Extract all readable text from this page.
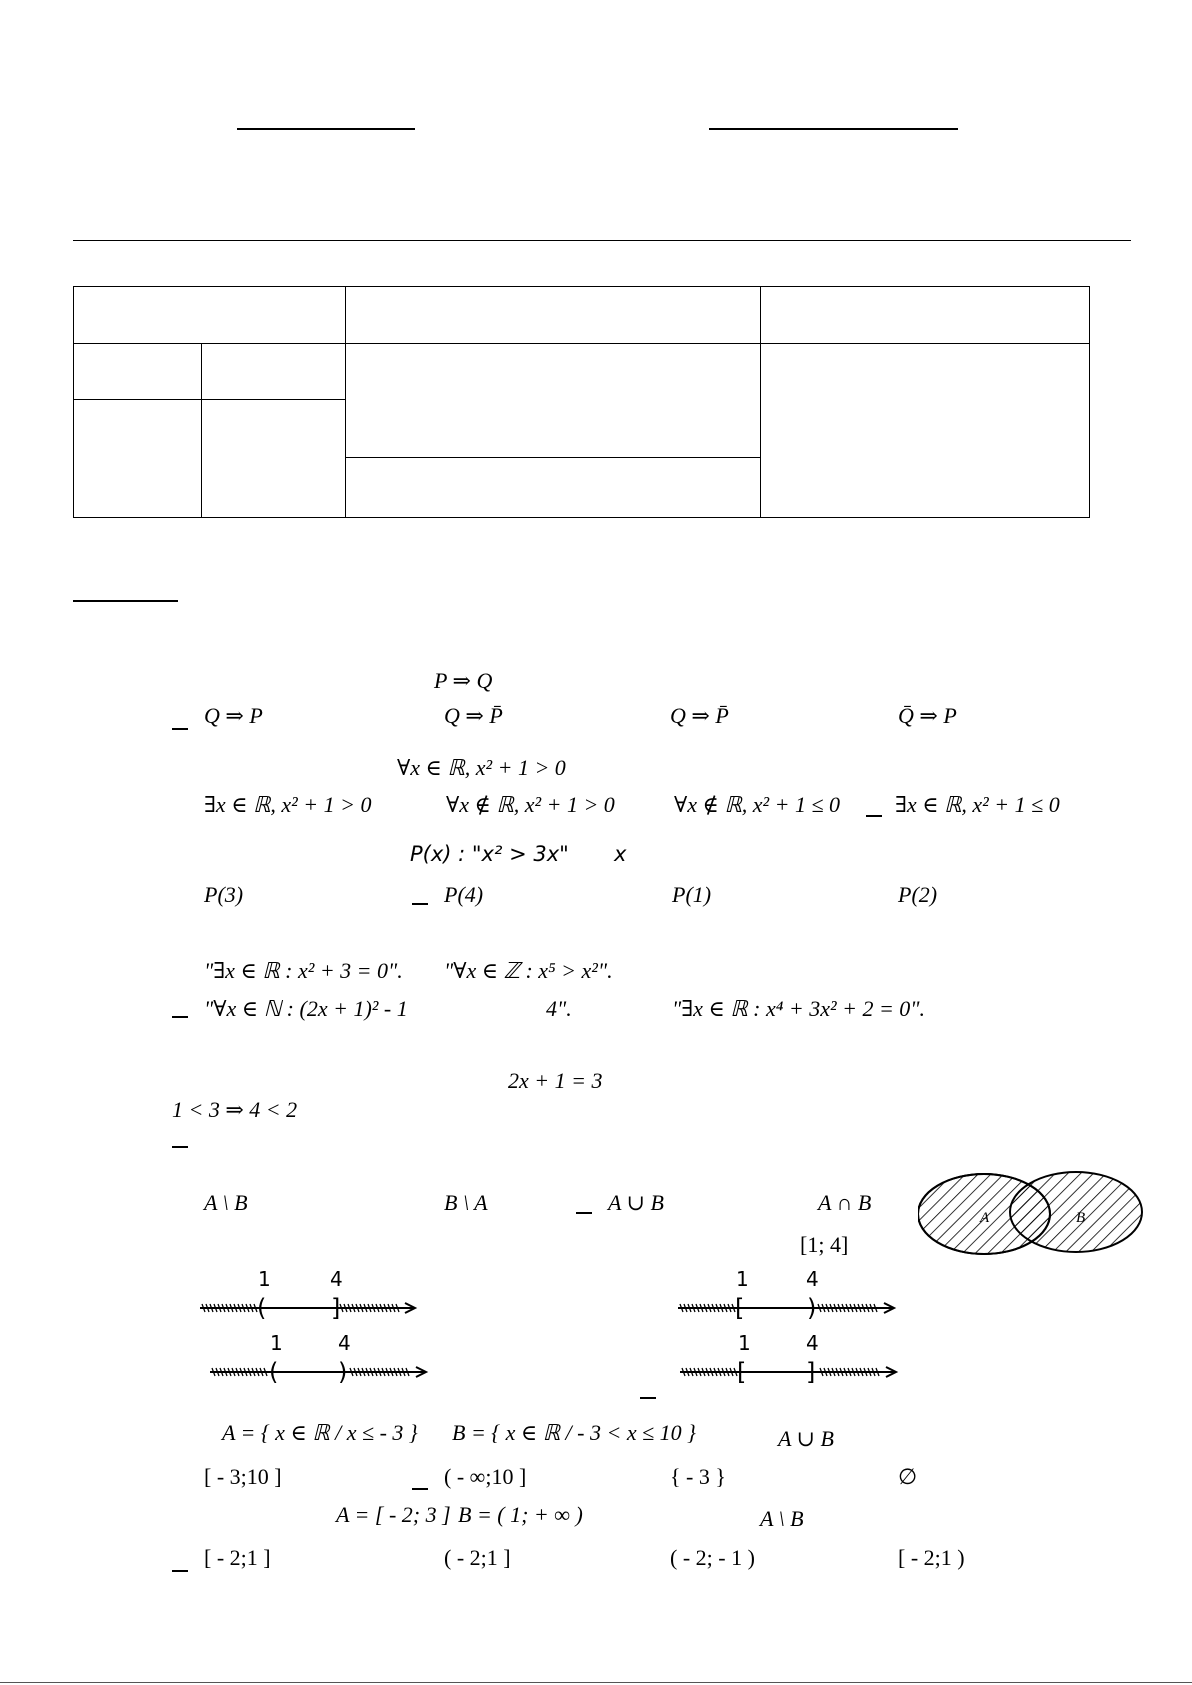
P ⇒ Q
Q ⇒ P	Q ⇒ P̄	Q ⇒ P̄	Q̄ ⇒ P
∀x ∈ ℝ, x² + 1 > 0
∃x ∈ ℝ, x² + 1 > 0	∀x ∉ ℝ, x² + 1 > 0	∀x ∉ ℝ, x² + 1 ≤ 0 ∃x ∈ ℝ, x² + 1 ≤ 0
P(x) : "x² > 3x" x
P(3)	P(4)	P(1)	P(2)
"∃x ∈ ℝ : x² + 3 = 0". "∀x ∈ ℤ : x⁵ > x²".
"∀x ∈ ℕ : (2x + 1)² - 1	4".	"∃x ∈ ℝ : x⁴ + 3x² + 2 = 0".
2x + 1 = 3
1 < 3 ⇒ 4 < 2
A \ B	B \ A	A ∪ B	A ∩ B
A	B
[1; 4]
1	4
(	]
1	4
[	)
1	4
( )
1	4
[ ]
A = { x ∈ ℝ / x ≤ - 3 } B = { x ∈ ℝ / - 3 < x ≤ 10 }	A ∪ B
[ - 3;10 ]	( - ∞;10 ]	{ - 3 }	∅
A = [ - 2; 3 ] B = ( 1; + ∞ )	A \ B
[ - 2;1 ]	( - 2;1 ]	( - 2; - 1 )	[ - 2;1 )
